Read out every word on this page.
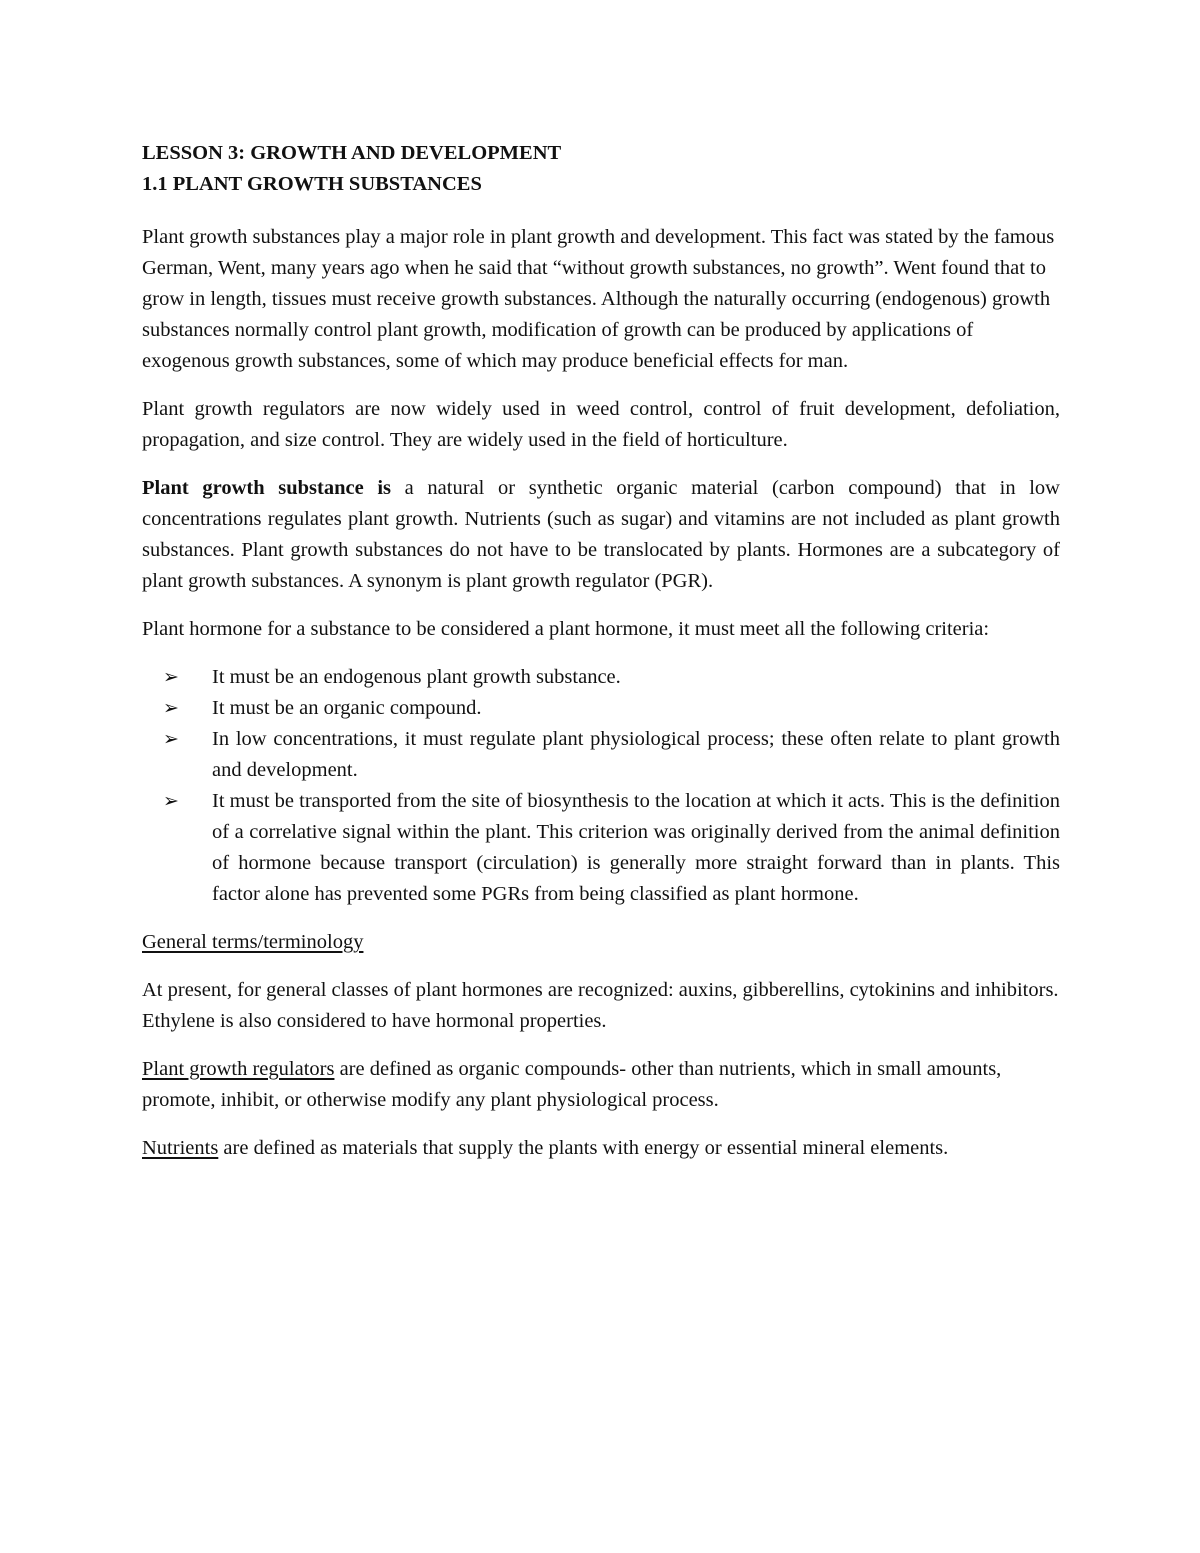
LESSON 3: GROWTH AND DEVELOPMENT
1.1 PLANT GROWTH SUBSTANCES

Plant growth substances play a major role in plant growth and development. This fact was stated by the famous German, Went, many years ago when he said that “without growth substances, no growth”. Went found that to grow in length, tissues must receive growth substances. Although the naturally occurring (endogenous) growth substances normally control plant growth, modification of growth can be produced by applications of exogenous growth substances, some of which may produce beneficial effects for man.

Plant growth regulators are now widely used in weed control, control of fruit development, defoliation, propagation, and size control. They are widely used in the field of horticulture.

Plant growth substance is a natural or synthetic organic material (carbon compound) that in low concentrations regulates plant growth. Nutrients (such as sugar) and vitamins are not included as plant growth substances. Plant growth substances do not have to be translocated by plants. Hormones are a subcategory of plant growth substances. A synonym is plant growth regulator (PGR).

Plant hormone for a substance to be considered a plant hormone, it must meet all the following criteria:

➢ It must be an endogenous plant growth substance.
➢ It must be an organic compound.
➢ In low concentrations, it must regulate plant physiological process; these often relate to plant growth and development.
➢ It must be transported from the site of biosynthesis to the location at which it acts. This is the definition of a correlative signal within the plant. This criterion was originally derived from the animal definition of hormone because transport (circulation) is generally more straight forward than in plants. This factor alone has prevented some PGRs from being classified as plant hormone.

General terms/terminology

At present, for general classes of plant hormones are recognized: auxins, gibberellins, cytokinins and inhibitors. Ethylene is also considered to have hormonal properties.

Plant growth regulators are defined as organic compounds- other than nutrients, which in small amounts, promote, inhibit, or otherwise modify any plant physiological process.

Nutrients are defined as materials that supply the plants with energy or essential mineral elements.
